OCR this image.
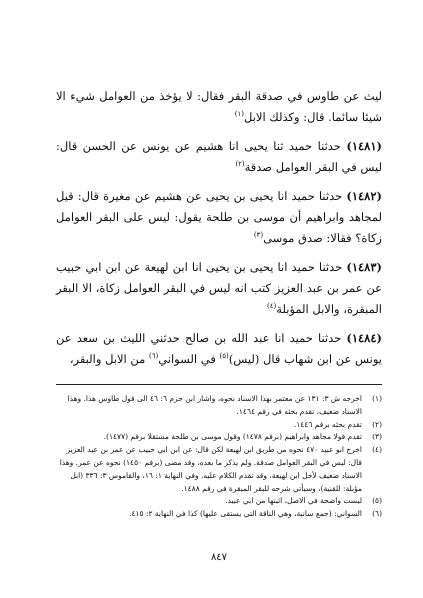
ليث عن طاوس في صدقة البقر فقال: لا يؤخذ من العوامل شيء الا شيئا سائما. قال: وكذلك الابل$^{(١)}$

(١٤٨١) حدثنا حميد ثنا يحيى انا هشيم عن يونس عن الحسن قال: ليس في البقر العوامل صدقة$^{(٢)}$

(١٤٨٢) حدثنا حميد انا يحيى بن يحيى عن هشيم عن مغيرة قال: قيل لمجاهد وابراهيم أن موسى بن طلحة يقول: ليس على البقر العوامل زكاة؟ فقالا: صدق موسى$^{(٣)}$

(١٤٨٣) حدثنا حميد انا يحيى بن يحيى انا ابن لهيعة عن ابن ابي حبيب عن عمر بن عبد العزيز كتب انه ليس في البقر العوامل زكاة، الا البقر المبقرة، والابل المؤبلة$^{(٤)}$

(١٤٨٤) حدثنا حميد انا عبد الله بن صالح حدثني الليث بن سعد عن يونس عن ابن شهاب قال (ليس)$^{(٥)}$ في السواني$^{(٦)}$ من الابل والبقر،

(١)
اخرجه ش ٣: ١٣١ عن معتمر بهذا الاسناد نحوه، واشار ابن حزم ٦: ٤٦ الى قول طاوس هذا. وهذا الاسناد ضعيف، تقدم بحثه في رقم ١٤٦٤.
(٢)
تقدم بحثه برقم ١٤٤٦.
(٣)
تقدم قولا مجاهد وابراهيم (برقم ١٤٧٨) وقول موسى بن طلحة مستقلا برقم (١٤٧٧).
(٤)
اخرج ابو عبيد ٤٧٠ نحوه من طريق ابن لهيعة لكن قال: عن ابن ابي حبيب عن عمر بن عبد العزيز قال: ليس في البقر العوامل صدقة. ولم يذكر ما بعده، وقد مضى (برقم ١٤٥٠) نحوه عن عمر. وهذا الاسناد ضعيف لأجل ابن لهيعة، وقد تقدم الكلام عليه. وفي النهاية ١: ١٦، والقاموس ٣: ٣٣٦ (ابل مؤبلة: للقنية)، وسيأتي شرحه للبقر المبقرة في رقم ١٤٨٨.
(٥)
ليست واضحة في الاصل، اثبتها من ابي عبيد.
(٦)
السواني: (جمع سانية، وهي الناقة التي يستقى عليها) كذا في النهاية ٢: ٤١٥.
٨٤٧
